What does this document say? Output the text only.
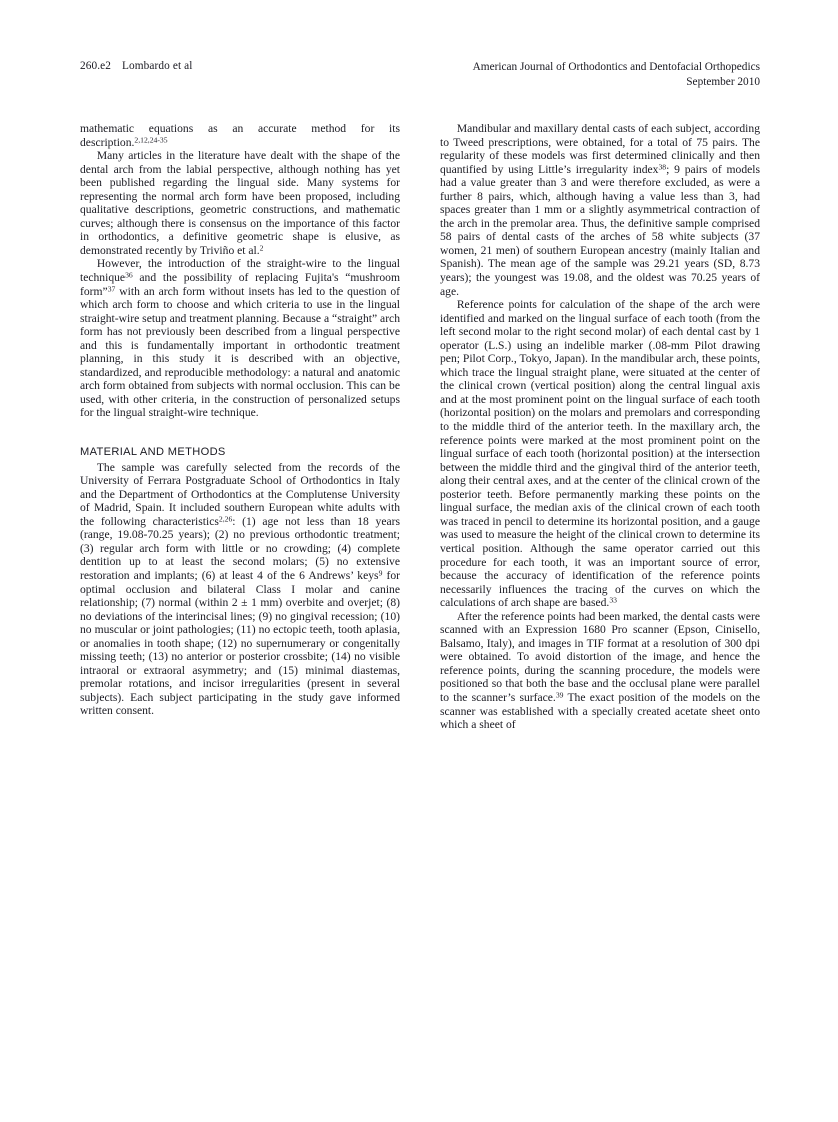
260.e2 Lombardo et al	American Journal of Orthodontics and Dentofacial Orthopedics
September 2010

mathematic equations as an accurate method for its description.$^{2,12,24-35}$

Many articles in the literature have dealt with the shape of the dental arch from the labial perspective, although nothing has yet been published regarding the lingual side. Many systems for representing the normal arch form have been proposed, including qualitative descriptions, geometric constructions, and mathematic curves; although there is consensus on the importance of this factor in orthodontics, a definitive geometric shape is elusive, as demonstrated recently by Triviño et al.$^2$

However, the introduction of the straight-wire to the lingual technique$^{36}$ and the possibility of replacing Fujita's “mushroom form”$^{37}$ with an arch form without insets has led to the question of which arch form to choose and which criteria to use in the lingual straight-wire setup and treatment planning. Because a “straight” arch form has not previously been described from a lingual perspective and this is fundamentally important in orthodontic treatment planning, in this study it is described with an objective, standardized, and reproducible methodology: a natural and anatomic arch form obtained from subjects with normal occlusion. This can be used, with other criteria, in the construction of personalized setups for the lingual straight-wire technique.

MATERIAL AND METHODS

The sample was carefully selected from the records of the University of Ferrara Postgraduate School of Orthodontics in Italy and the Department of Orthodontics at the Complutense University of Madrid, Spain. It included southern European white adults with the following characteristics$^{2,26}$: (1) age not less than 18 years (range, 19.08-70.25 years); (2) no previous orthodontic treatment; (3) regular arch form with little or no crowding; (4) complete dentition up to at least the second molars; (5) no extensive restoration and implants; (6) at least 4 of the 6 Andrews’ keys$^9$ for optimal occlusion and bilateral Class I molar and canine relationship; (7) normal (within 2 ± 1 mm) overbite and overjet; (8) no deviations of the interincisal lines; (9) no gingival recession; (10) no muscular or joint pathologies; (11) no ectopic teeth, tooth aplasia, or anomalies in tooth shape; (12) no supernumerary or congenitally missing teeth; (13) no anterior or posterior crossbite; (14) no visible intraoral or extraoral asymmetry; and (15) minimal diastemas, premolar rotations, and incisor irregularities (present in several subjects). Each subject participating in the study gave informed written consent.

Mandibular and maxillary dental casts of each subject, according to Tweed prescriptions, were obtained, for a total of 75 pairs. The regularity of these models was first determined clinically and then quantified by using Little’s irregularity index$^{38}$; 9 pairs of models had a value greater than 3 and were therefore excluded, as were a further 8 pairs, which, although having a value less than 3, had spaces greater than 1 mm or a slightly asymmetrical contraction of the arch in the premolar area. Thus, the definitive sample comprised 58 pairs of dental casts of the arches of 58 white subjects (37 women, 21 men) of southern European ancestry (mainly Italian and Spanish). The mean age of the sample was 29.21 years (SD, 8.73 years); the youngest was 19.08, and the oldest was 70.25 years of age.

Reference points for calculation of the shape of the arch were identified and marked on the lingual surface of each tooth (from the left second molar to the right second molar) of each dental cast by 1 operator (L.S.) using an indelible marker (.08-mm Pilot drawing pen; Pilot Corp., Tokyo, Japan). In the mandibular arch, these points, which trace the lingual straight plane, were situated at the center of the clinical crown (vertical position) along the central lingual axis and at the most prominent point on the lingual surface of each tooth (horizontal position) on the molars and premolars and corresponding to the middle third of the anterior teeth. In the maxillary arch, the reference points were marked at the most prominent point on the lingual surface of each tooth (horizontal position) at the intersection between the middle third and the gingival third of the anterior teeth, along their central axes, and at the center of the clinical crown of the posterior teeth. Before permanently marking these points on the lingual surface, the median axis of the clinical crown of each tooth was traced in pencil to determine its horizontal position, and a gauge was used to measure the height of the clinical crown to determine its vertical position. Although the same operator carried out this procedure for each tooth, it was an important source of error, because the accuracy of identification of the reference points necessarily influences the tracing of the curves on which the calculations of arch shape are based.$^{33}$

After the reference points had been marked, the dental casts were scanned with an Expression 1680 Pro scanner (Epson, Cinisello, Balsamo, Italy), and images in TIF format at a resolution of 300 dpi were obtained. To avoid distortion of the image, and hence the reference points, during the scanning procedure, the models were positioned so that both the base and the occlusal plane were parallel to the scanner’s surface.$^{39}$ The exact position of the models on the scanner was established with a specially created acetate sheet onto which a sheet of
